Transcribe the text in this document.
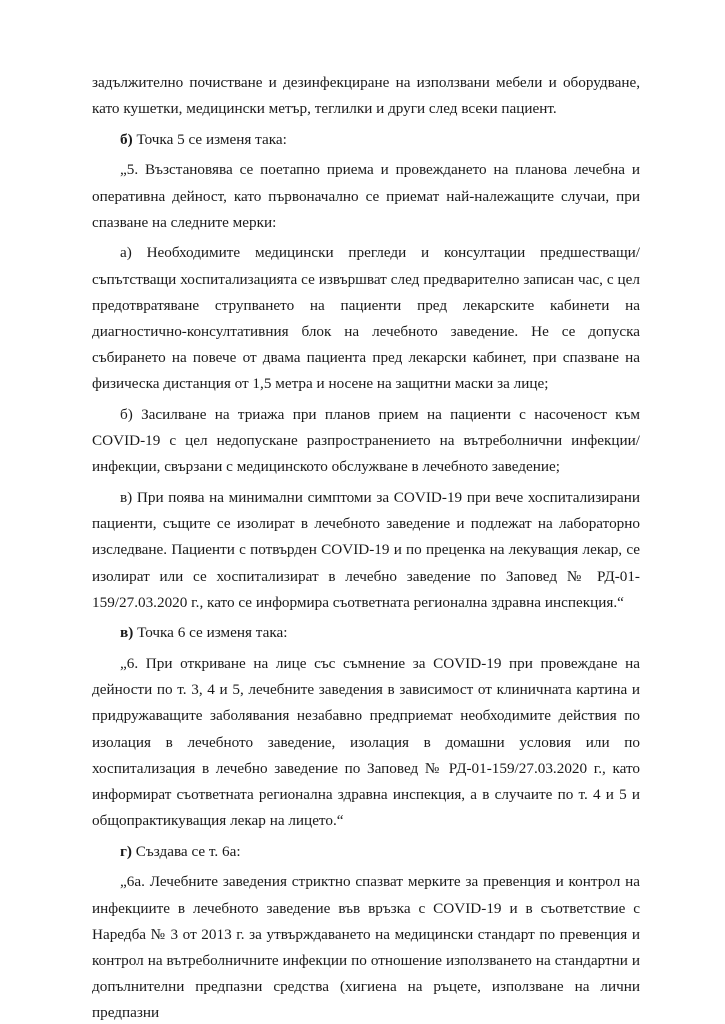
задължително почистване и дезинфекциране на използвани мебели и оборудване, като кушетки, медицински метър, теглилки и други след всеки пациент.

б) Точка 5 се изменя така:

„5. Възстановява се поетапно приема и провеждането на планова лечебна и оперативна дейност, като първоначално се приемат най-належащите случаи, при спазване на следните мерки:

а) Необходимите медицински прегледи и консултации предшестващи/съпътстващи хоспитализацията се извършват след предварително записан час, с цел предотвратяване струпването на пациенти пред лекарските кабинети на диагностично-консултативния блок на лечебното заведение. Не се допуска събирането на повече от двама пациента пред лекарски кабинет, при спазване на физическа дистанция от 1,5 метра и носене на защитни маски за лице;

б) Засилване на триажа при планов прием на пациенти с насоченост към COVID-19 с цел недопускане разпространението на вътреболнични инфекции/инфекции, свързани с медицинското обслужване в лечебното заведение;

в) При поява на минимални симптоми за COVID-19 при вече хоспитализирани пациенти, същите се изолират в лечебното заведение и подлежат на лабораторно изследване. Пациенти с потвърден COVID-19 и по преценка на лекуващия лекар, се изолират или се хоспитализират в лечебно заведение по Заповед № РД-01-159/27.03.2020 г., като се информира съответната регионална здравна инспекция.“

в) Точка 6 се изменя така:

„6. При откриване на лице със съмнение за COVID-19 при провеждане на дейности по т. 3, 4 и 5, лечебните заведения в зависимост от клиничната картина и придружаващите заболявания незабавно предприемат необходимите действия по изолация в лечебното заведение, изолация в домашни условия или по хоспитализация в лечебно заведение по Заповед № РД-01-159/27.03.2020 г., като информират съответната регионална здравна инспекция, а в случаите по т. 4 и 5 и общопрактикуващия лекар на лицето.“

г) Създава се т. 6а:

„6а. Лечебните заведения стриктно спазват мерките за превенция и контрол на инфекциите в лечебното заведение във връзка с COVID-19 и в съответствие с Наредба № 3 от 2013 г. за утвърждаването на медицински стандарт по превенция и контрол на вътреболничните инфекции по отношение използването на стандартни и допълнителни предпазни средства (хигиена на ръцете, използване на лични предпазни
